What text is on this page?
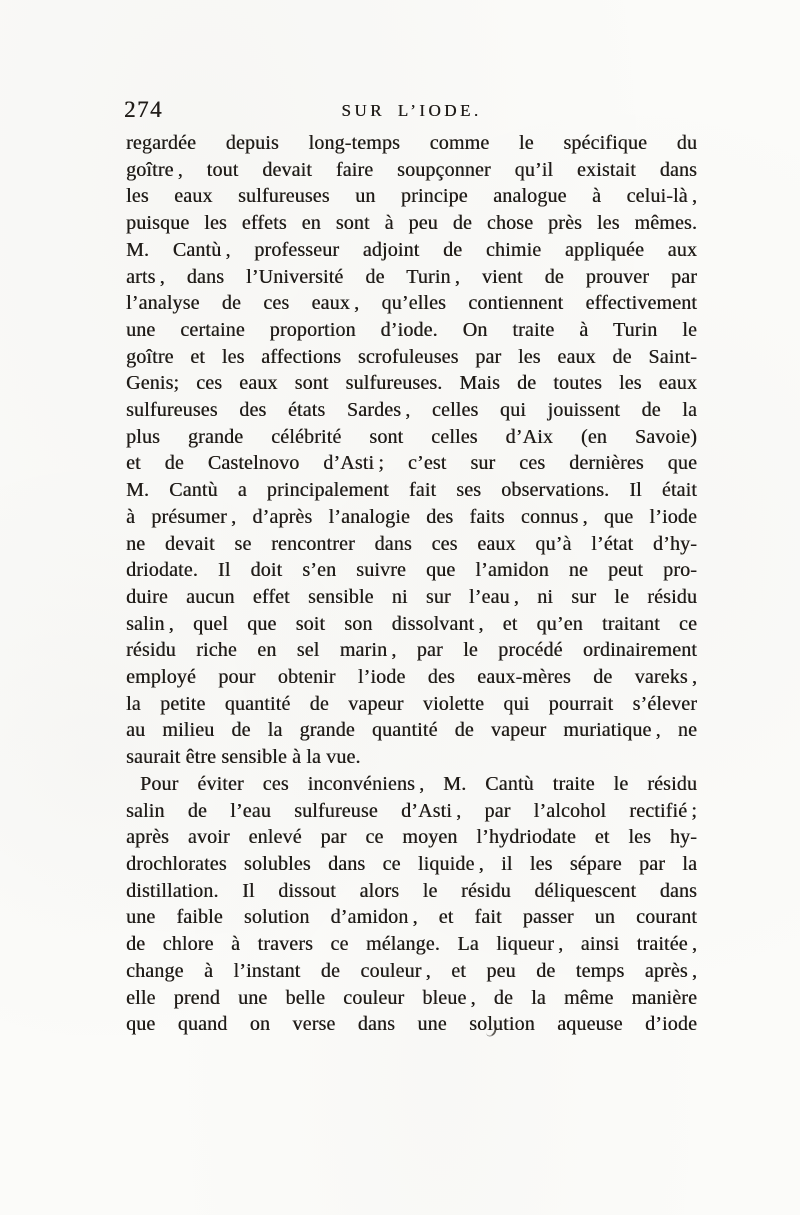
274	SUR L’IODE.
regardée depuis long-temps comme le spécifique du
goître , tout devait faire soupçonner qu’il existait dans
les eaux sulfureuses un principe analogue à celui-là ,
puisque les effets en sont à peu de chose près les mêmes.
M. Cantù , professeur adjoint de chimie appliquée aux
arts , dans l’Université de Turin , vient de prouver par
l’analyse de ces eaux , qu’elles contiennent effectivement
une certaine proportion d’iode. On traite à Turin le
goître et les affections scrofuleuses par les eaux de Saint-
Genis; ces eaux sont sulfureuses. Mais de toutes les eaux
sulfureuses des états Sardes , celles qui jouissent de la
plus grande célébrité sont celles d’Aix (en Savoie)
et de Castelnovo d’Asti ; c’est sur ces dernières que
M. Cantù a principalement fait ses observations. Il était
à présumer , d’après l’analogie des faits connus , que l’iode
ne devait se rencontrer dans ces eaux qu’à l’état d’hy-
driodate. Il doit s’en suivre que l’amidon ne peut pro-
duire aucun effet sensible ni sur l’eau , ni sur le résidu
salin , quel que soit son dissolvant , et qu’en traitant ce
résidu riche en sel marin , par le procédé ordinairement
employé pour obtenir l’iode des eaux-mères de vareks ,
la petite quantité de vapeur violette qui pourrait s’élever
au milieu de la grande quantité de vapeur muriatique , ne
saurait être sensible à la vue.
Pour éviter ces inconvéniens , M. Cantù traite le résidu
salin de l’eau sulfureuse d’Asti , par l’alcohol rectifié ;
après avoir enlevé par ce moyen l’hydriodate et les hy-
drochlorates solubles dans ce liquide , il les sépare par la
distillation. Il dissout alors le résidu déliquescent dans
une faible solution d’amidon , et fait passer un courant
de chlore à travers ce mélange. La liqueur , ainsi traitée ,
change à l’instant de couleur , et peu de temps après ,
elle prend une belle couleur bleue , de la même manière
que quand on verse dans une solution aqueuse d’iode
